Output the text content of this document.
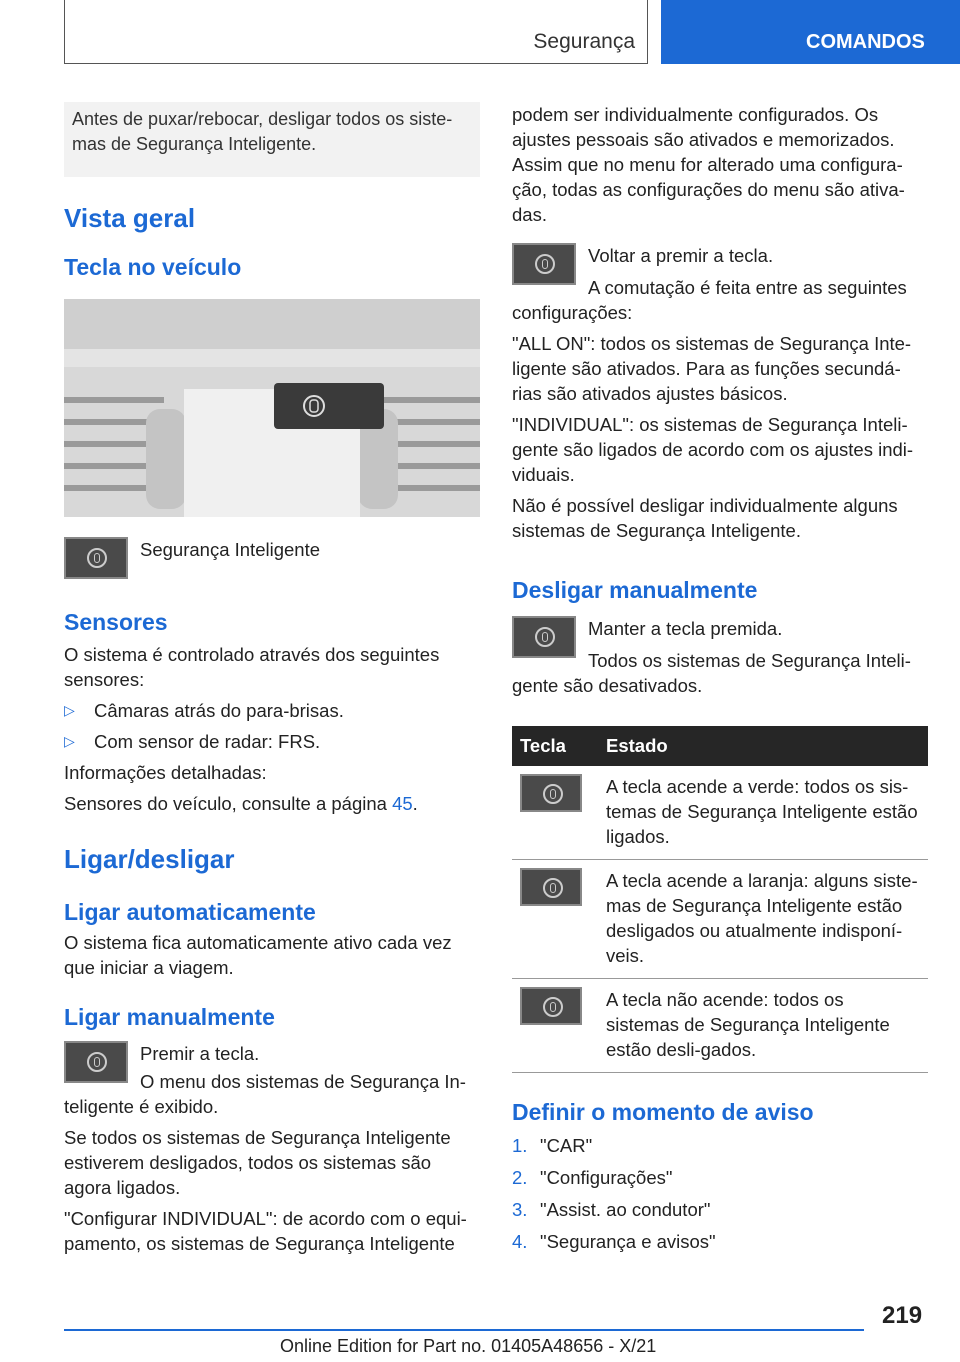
Segurança	COMANDOS
Antes de puxar/rebocar, desligar todos os siste‐mas de Segurança Inteligente.
Vista geral
Tecla no veículo

Segurança Inteligente

Sensores

O sistema é controlado através dos seguintes sensores:

▷	Câmaras atrás do para‐brisas.
▷	Com sensor de radar: FRS.

Informações detalhadas:

Sensores do veículo, consulte a página 45.

Ligar/desligar
Ligar automaticamente

O sistema fica automaticamente ativo cada vez que iniciar a viagem.

Ligar manualmente

Premir a tecla.

O menu dos sistemas de Segurança In‐teligente é exibido.

Se todos os sistemas de Segurança Inteligente estiverem desligados, todos os sistemas são agora ligados.

"Configurar INDIVIDUAL": de acordo com o equi‐pamento, os sistemas de Segurança Inteligente

podem ser individualmente configurados. Os ajustes pessoais são ativados e memorizados. Assim que no menu for alterado uma configura‐ção, todas as configurações do menu são ativa‐das.

Voltar a premir a tecla.

A comutação é feita entre as seguintes configurações:

"ALL ON": todos os sistemas de Segurança Inte‐ligente são ativados. Para as funções secundá‐rias são ativados ajustes básicos.

"INDIVIDUAL": os sistemas de Segurança Inteli‐gente são ligados de acordo com os ajustes indi‐viduais.

Não é possível desligar individualmente alguns sistemas de Segurança Inteligente.

Desligar manualmente

Manter a tecla premida.

Todos os sistemas de Segurança Inteli‐gente são desativados.

Tecla	Estado

	A tecla acende a verde: todos os sis‐temas de Segurança Inteligente estão ligados.

	A tecla acende a laranja: alguns siste‐mas de Segurança Inteligente estão desligados ou atualmente indisponí‐veis.

	A tecla não acende: todos os sistemas de Segurança Inteligente estão desli‐gados.
Definir o momento de aviso
1. "CAR"
2. "Configurações"
3. "Assist. ao condutor"
4. "Segurança e avisos"
219
Online Edition for Part no. 01405A48656 - X/21
